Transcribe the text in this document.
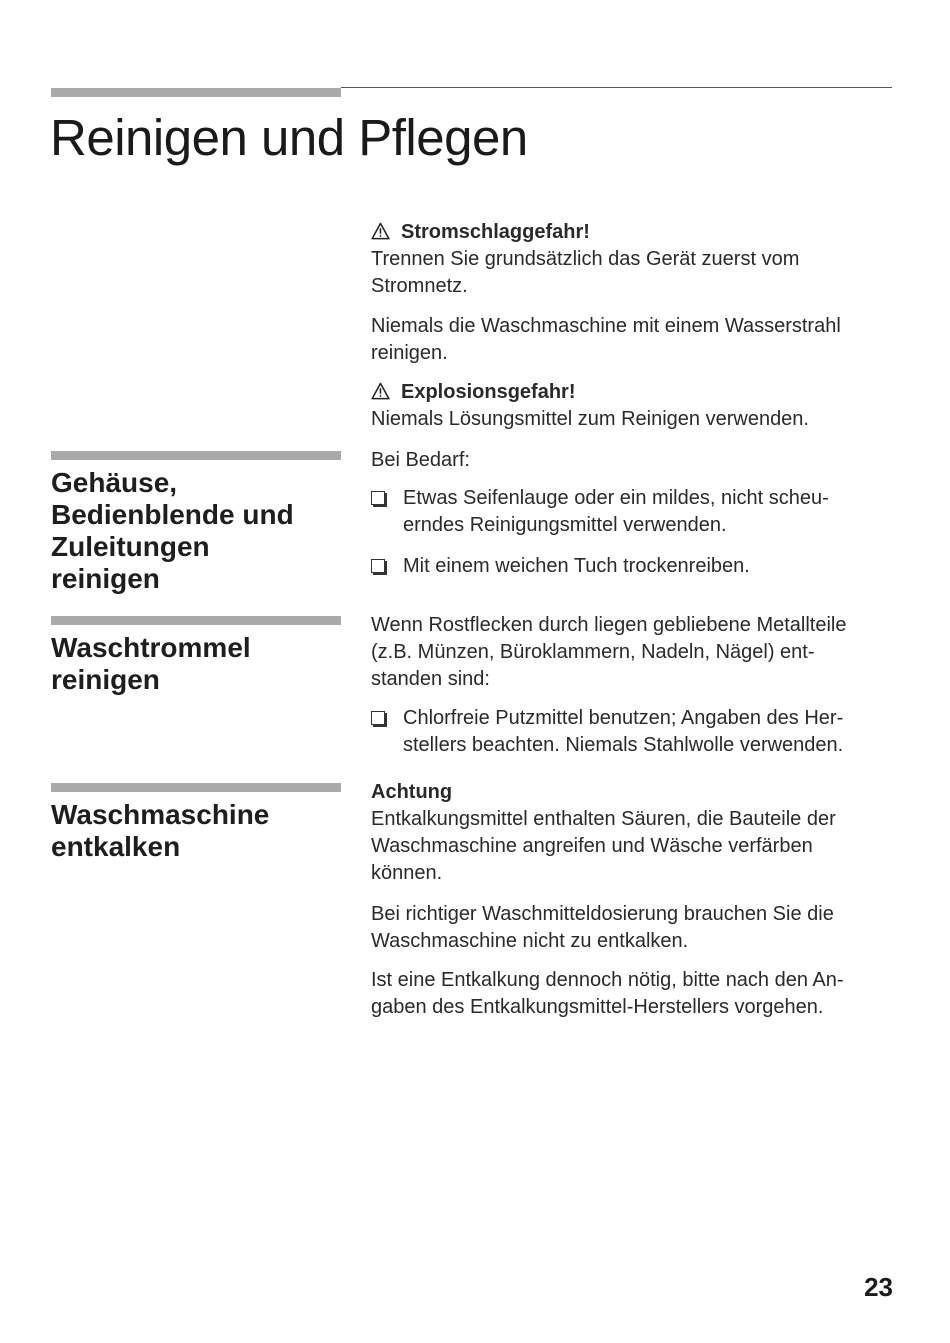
Reinigen und Pflegen
Stromschlaggefahr!
Trennen Sie grundsätzlich das Gerät zuerst vom
Stromnetz.
Niemals die Waschmaschine mit einem Wasserstrahl
reinigen.
Explosionsgefahr!
Niemals Lösungsmittel zum Reinigen verwenden.
Gehäuse,
Bedienblende und
Zuleitungen
reinigen
Bei Bedarf:
Etwas Seifenlauge oder ein mildes, nicht scheu-
erndes Reinigungsmittel verwenden.
Mit einem weichen Tuch trockenreiben.
Waschtrommel
reinigen
Wenn Rostflecken durch liegen gebliebene Metallteile
(z.B. Münzen, Büroklammern, Nadeln, Nägel) ent-
standen sind:
Chlorfreie Putzmittel benutzen; Angaben des Her-
stellers beachten. Niemals Stahlwolle verwenden.
Waschmaschine
entkalken
Achtung
Entkalkungsmittel enthalten Säuren, die Bauteile der
Waschmaschine angreifen und Wäsche verfärben
können.
Bei richtiger Waschmitteldosierung brauchen Sie die
Waschmaschine nicht zu entkalken.
Ist eine Entkalkung dennoch nötig, bitte nach den An-
gaben des Entkalkungsmittel-Herstellers vorgehen.
23
